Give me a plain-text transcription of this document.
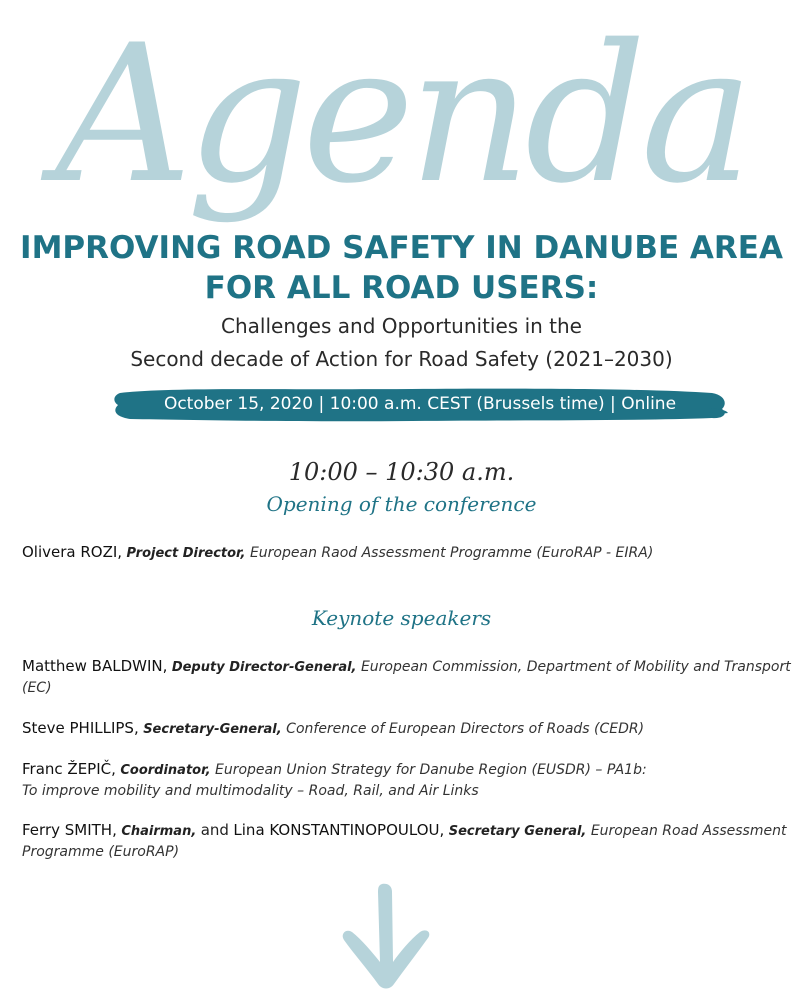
Agenda
IMPROVING ROAD SAFETY IN DANUBE AREA
FOR ALL ROAD USERS:
Challenges and Opportunities in the
Second decade of Action for Road Safety (2021–2030)
October 15, 2020 | 10:00 a.m. CEST (Brussels time) | Online
10:00 – 10:30 a.m.
Opening of the conference
Olivera ROZI, Project Director, European Raod Assessment Programme (EuroRAP - EIRA)
Keynote speakers
Matthew BALDWIN, Deputy Director-General, European Commission, Department of Mobility and Transport (EC)
Steve PHILLIPS, Secretary-General, Conference of European Directors of Roads (CEDR)
Franc ŽEPIČ, Coordinator, European Union Strategy for Danube Region (EUSDR) – PA1b:
To improve mobility and multimodality – Road, Rail, and Air Links
Ferry SMITH, Chairman, and Lina KONSTANTINOPOULOU, Secretary General, European Road Assessment Programme (EuroRAP)
